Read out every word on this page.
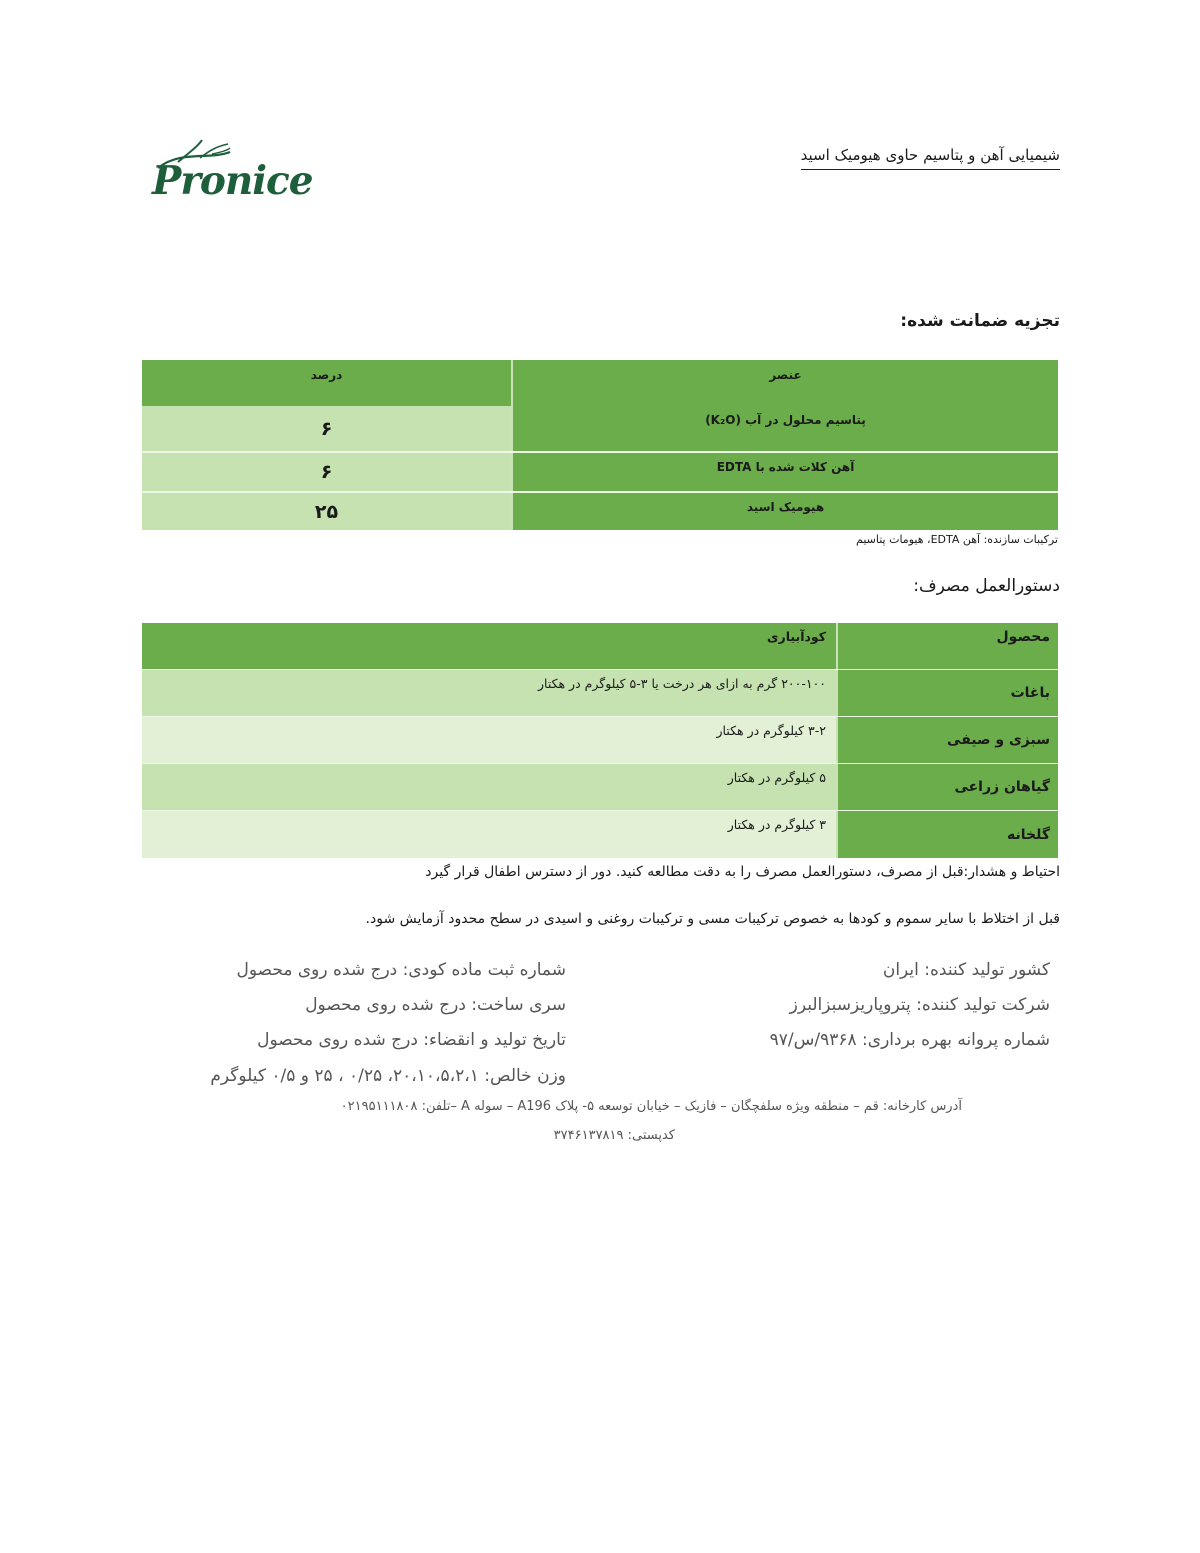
شیمیایی آهن و پتاسیم حاوی هیومیک اسید
Pronice
تجزیه ضمانت شده:
عنصر
درصد
پتاسیم محلول در آب (K₂O)
۶
آهن کلات شده با EDTA
۶
هیومیک اسید
۲۵
ترکیبات سازنده: آهن EDTA، هیومات پتاسیم
دستورالعمل مصرف:
محصول
کودآبیاری
باغات
۲۰۰-۱۰۰ گرم به ازای هر درخت یا ۳-۵ کیلوگرم در هکتار
سبزی و صیفی
۳-۲ کیلوگرم در هکتار
گیاهان زراعی
۵ کیلوگرم در هکتار
گلخانه
۳ کیلوگرم در هکتار
احتیاط و هشدار:قبل از مصرف، دستورالعمل مصرف را به دقت مطالعه کنید. دور از دسترس اطفال قرار گیرد
قبل از اختلاط با سایر سموم و کودها به خصوص ترکیبات مسی و ترکیبات روغنی و اسیدی در سطح محدود آزمایش شود.
کشور تولید کننده: ایران
شرکت تولید کننده: پتروپاریزسبزالبرز
شماره پروانه بهره برداری: ۹۳۶۸/س/۹۷
شماره ثبت ماده کودی: درج شده روی محصول
سری ساخت: درج شده روی محصول
تاریخ تولید و انقضاء: درج شده روی محصول
وزن خالص: ۲۰،۱۰،۵،۲،۱، ۰/۲۵ ، ۲۵ و ۰/۵ کیلوگرم
آدرس کارخانه: قم – منطقه ویژه سلفچگان – فازیک – خیابان توسعه ۵- پلاک A196 – سوله A –تلفن: ۰۲۱۹۵۱۱۱۸۰۸
کدپستی: ۳۷۴۶۱۳۷۸۱۹
